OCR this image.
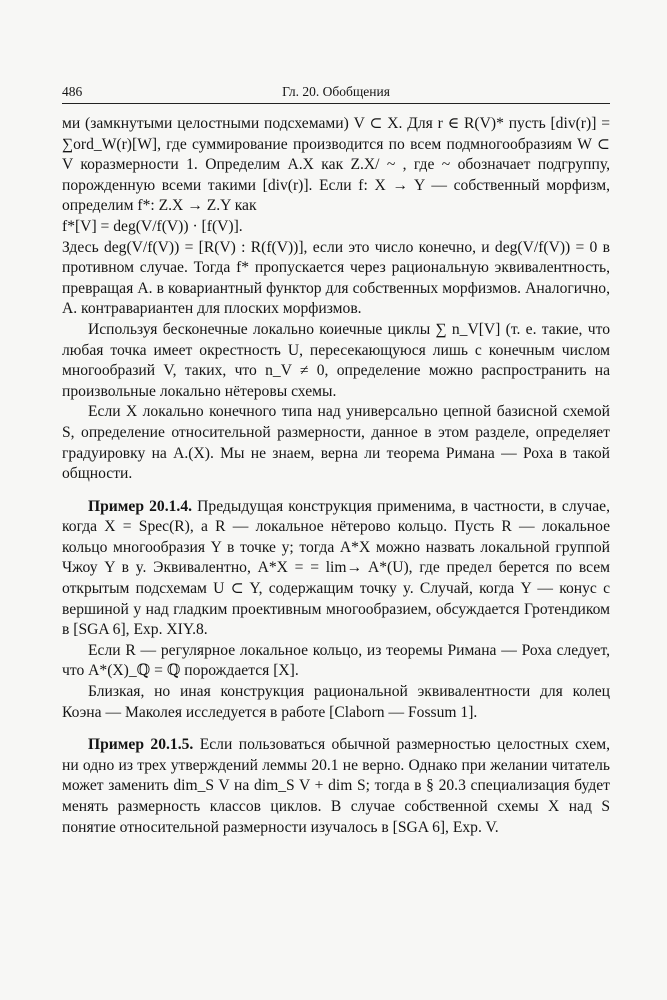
486	Гл. 20. Обобщения

ми (замкнутыми целостными подсхемами) V ⊂ X. Для r ∈ R(V)* пусть [div(r)] = ∑ord_W(r)[W], где суммирование производится по всем подмногообразиям W ⊂ V коразмерности 1. Определим A.X как Z.X/ ~ , где ~ обозначает подгруппу, порожденную всеми такими [div(r)]. Если f: X → Y — собственный морфизм, определим f*: Z.X → Z.Y как

f*[V] = deg(V/f(V)) · [f(V)].

Здесь deg(V/f(V)) = [R(V) : R(f(V))], если это число конечно, и deg(V/f(V)) = 0 в противном случае. Тогда f* пропускается через рациональную эквивалентность, превращая A. в ковариантный функтор для собственных морфизмов. Аналогично, A. контравариантен для плоских морфизмов.

Используя бесконечные локально коиечные циклы ∑ n_V[V] (т. е. такие, что любая точка имеет окрестность U, пересекающуюся лишь с конечным числом многообразий V, таких, что n_V ≠ 0, определение можно распространить на произвольные локально нётеровы схемы.

Если X локально конечного типа над универсально цепной базисной схемой S, определение относительной размерности, данное в этом разделе, определяет градуировку на A.(X). Мы не знаем, верна ли теорема Римана — Роха в такой общности.

Пример 20.1.4. Предыдущая конструкция применима, в частности, в случае, когда X = Spec(R), а R — локальное нётерово кольцо. Пусть R — локальное кольцо многообразия Y в точке y; тогда A*X можно назвать локальной группой Чжоу Y в y. Эквивалентно, A*X = = lim→ A*(U), где предел берется по всем открытым подсхемам U ⊂ Y, содержащим точку y. Случай, когда Y — конус с вершиной y над гладким проективным многообразием, обсуждается Гротендиком в [SGA 6], Exp. XIY.8.

Если R — регулярное локальное кольцо, из теоремы Римана — Роха следует, что A*(X)_ℚ = ℚ порождается [X].

Близкая, но иная конструкция рациональной эквивалентности для колец Коэна — Маколея исследуется в работе [Claborn — Fossum 1].

Пример 20.1.5. Если пользоваться обычной размерностью целостных схем, ни одно из трех утверждений леммы 20.1 не верно. Однако при желании читатель может заменить dim_S V на dim_S V + dim S; тогда в § 20.3 специализация будет менять размерность классов циклов. В случае собственной схемы X над S понятие относительной размерности изучалось в [SGA 6], Exp. V.
